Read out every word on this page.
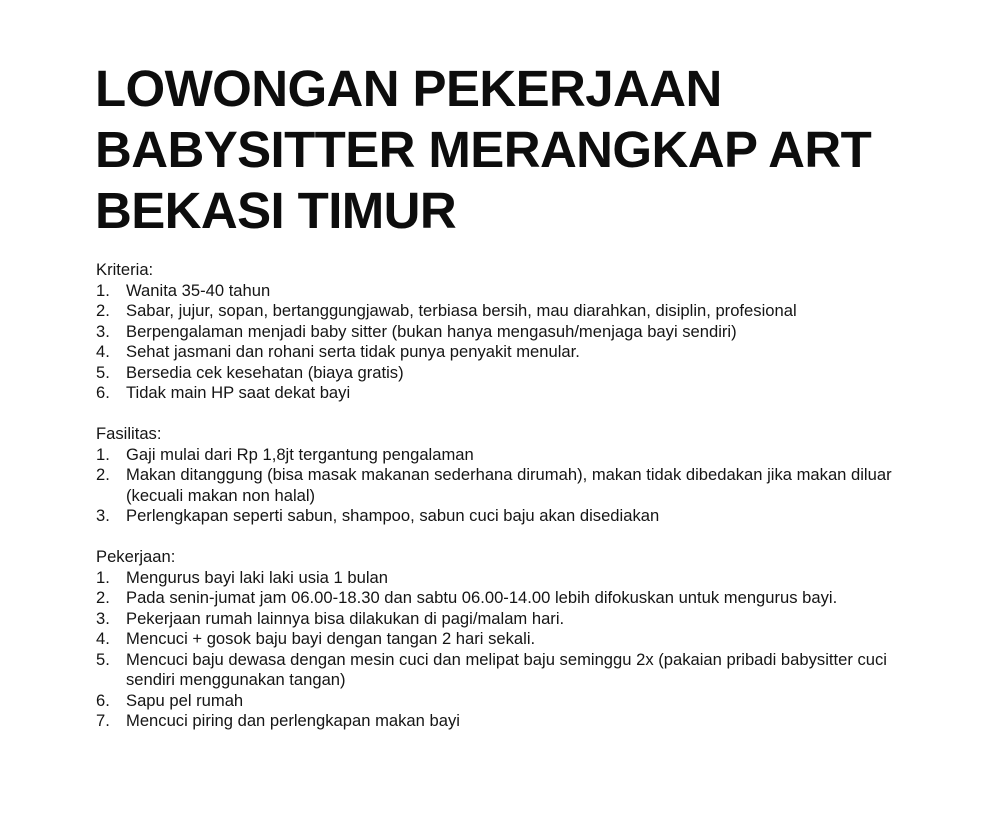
LOWONGAN PEKERJAAN
BABYSITTER MERANGKAP ART
BEKASI TIMUR
Kriteria:
1. Wanita 35-40 tahun
2. Sabar, jujur, sopan, bertanggungjawab, terbiasa bersih, mau diarahkan, disiplin, profesional
3. Berpengalaman menjadi baby sitter (bukan hanya mengasuh/menjaga bayi sendiri)
4. Sehat jasmani dan rohani serta tidak punya penyakit menular.
5. Bersedia cek kesehatan (biaya gratis)
6. Tidak main HP saat dekat bayi
Fasilitas:
1. Gaji mulai dari Rp 1,8jt tergantung pengalaman
2. Makan ditanggung (bisa masak makanan sederhana dirumah), makan tidak dibedakan jika makan diluar (kecuali makan non halal)
3. Perlengkapan seperti sabun, shampoo, sabun cuci baju akan disediakan
Pekerjaan:
1. Mengurus bayi laki laki usia 1 bulan
2. Pada senin-jumat jam 06.00-18.30 dan sabtu 06.00-14.00 lebih difokuskan untuk mengurus bayi.
3. Pekerjaan rumah lainnya bisa dilakukan di pagi/malam hari.
4. Mencuci + gosok baju bayi dengan tangan 2 hari sekali.
5. Mencuci baju dewasa dengan mesin cuci dan melipat baju seminggu 2x (pakaian pribadi babysitter cuci sendiri menggunakan tangan)
6. Sapu pel rumah
7. Mencuci piring dan perlengkapan makan bayi
